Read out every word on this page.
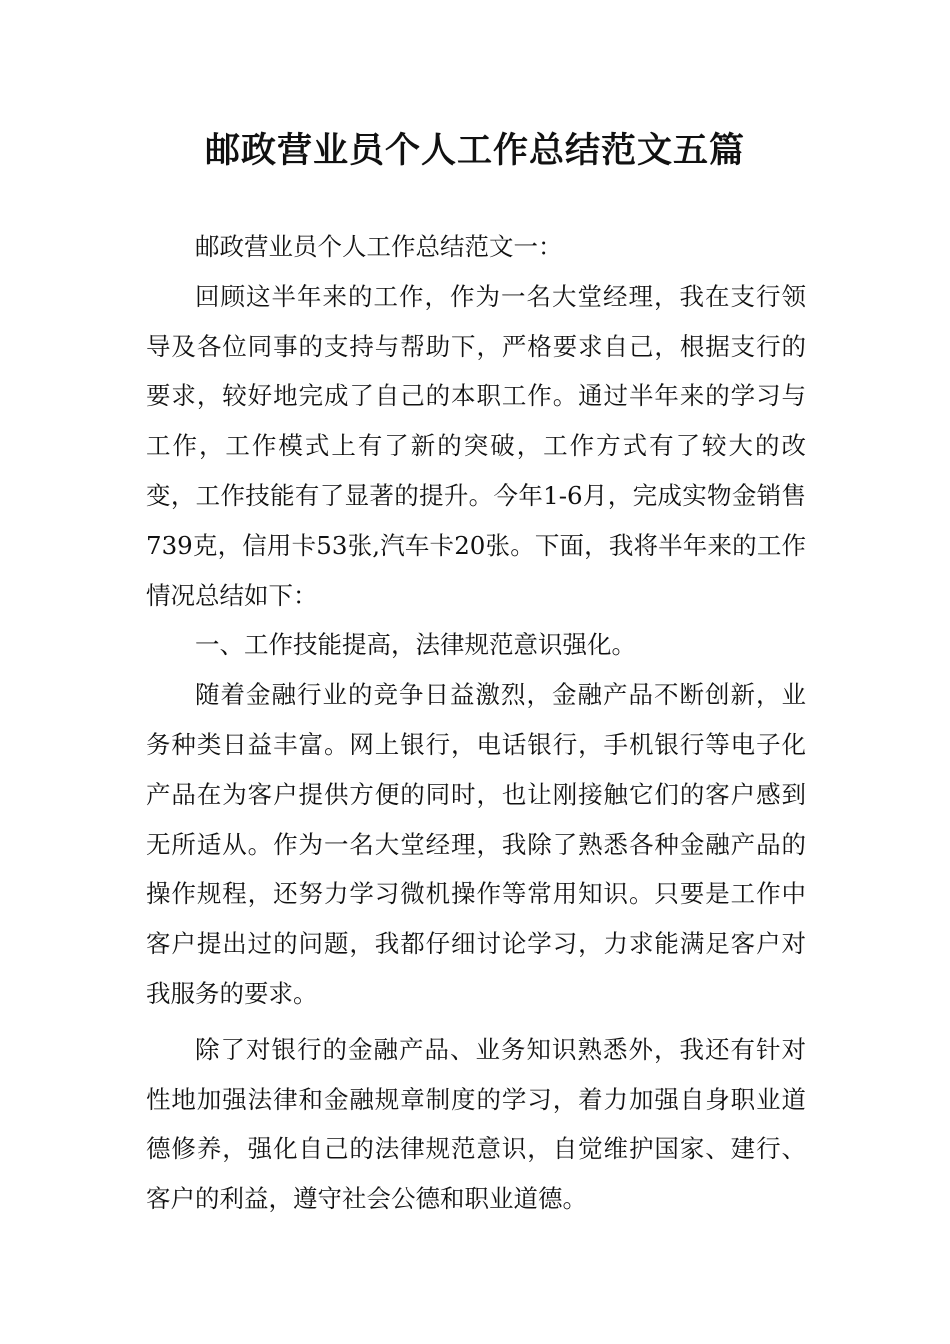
邮政营业员个人工作总结范文五篇

邮政营业员个人工作总结范文一：

回顾这半年来的工作，作为一名大堂经理，我在支行领导及各位同事的支持与帮助下，严格要求自己，根据支行的要求，较好地完成了自己的本职工作。通过半年来的学习与工作，工作模式上有了新的突破，工作方式有了较大的改变，工作技能有了显著的提升。今年1-6月，完成实物金销售739克，信用卡53张,汽车卡20张。下面，我将半年来的工作情况总结如下：

一、工作技能提高，法律规范意识强化。

随着金融行业的竞争日益激烈，金融产品不断创新，业务种类日益丰富。网上银行，电话银行，手机银行等电子化产品在为客户提供方便的同时，也让刚接触它们的客户感到无所适从。作为一名大堂经理，我除了熟悉各种金融产品的操作规程，还努力学习微机操作等常用知识。只要是工作中客户提出过的问题，我都仔细讨论学习，力求能满足客户对我服务的要求。

除了对银行的金融产品、业务知识熟悉外，我还有针对性地加强法律和金融规章制度的学习，着力加强自身职业道德修养，强化自己的法律规范意识，自觉维护国家、建行、客户的利益，遵守社会公德和职业道德。
